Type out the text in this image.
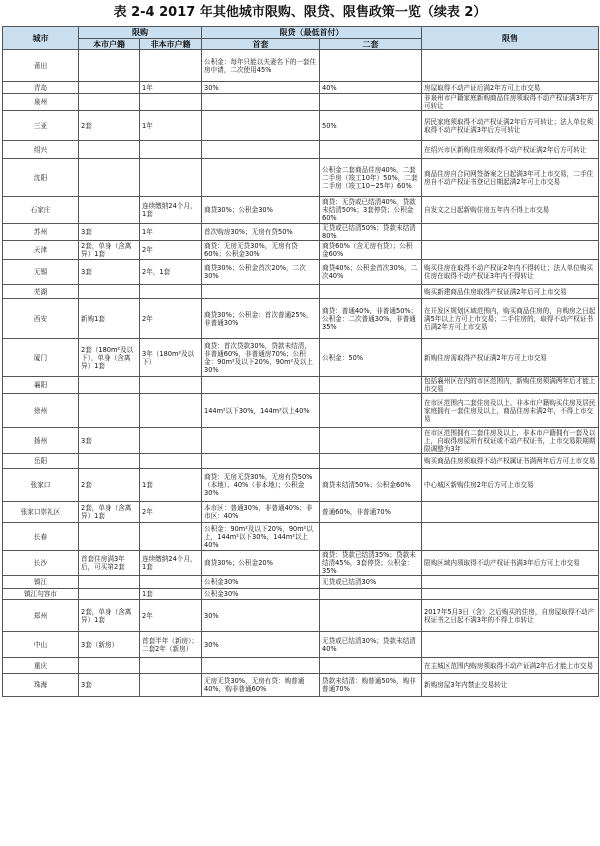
表 2-4 2017 年其他城市限购、限贷、限售政策一览（续表 2）
城市	限购		限贷（最低首付）		限售
	本市户籍	非本市户籍	首套	二套	
莆田			公积金：每年只能以夫妻名下的一套住房申请，二次使用45%		
青岛		1年	30%	40%	房屋取得不动产证后满2年方可上市交易
泉州					非泉州市户籍家庭新购商品住房须取得不动产权证满3年方可转让
三亚	2套	1年		50%	居民家庭须取得不动产权证满2年后方可转让；法人单位须取得不动产权证满3年后方可转让
绍兴					在绍兴市区新购住房须取得不动产权证满2年后方可转让
沈阳				公积金二套商品住房40%，二套二手房（竣工10年）50%，二套二手房（竣工10~25年）60%	商品住房自合同网签备案之日起满3年可上市交易，二手住房自不动产权证书登记日期起满2年可上市交易
石家庄		连续缴纳24个月，1套	商贷30%；公积金30%	商贷：无贷或已结清40%，贷款未结清50%；3套停贷；公积金60%	自发文之日起新购住房五年内不得上市交易
苏州	3套	1年	首次购房30%；无房有贷50%	无贷或已结清50%；贷款未结清80%	
天津	2套，单身（含离异）1套	2年	商贷：无房无贷30%，无房有贷60%；公积金30%	商贷60%（含无房有贷）；公积金60%	
无锡	3套	2年，1套	商贷30%；公积金首次20%，二次30%	商贷40%；公积金首次30%，二次40%	购买住房在取得不动产权证2年内不得转让；法人单位购买住房在取得不动产权证3年内不得转让
芜湖					购买新建商品住房取得产权证满2年后可上市交易
西安	新购1套	2年	商贷30%；公积金：首次普通25%，非普通30%	商贷：普通40%，非普通50%；公积金：二次普通30%，非普通35%	在开发区规划区域范围内，购买商品住房的，自购房之日起满5年以上方可上市交易；二手住房的，取得不动产权证书后满2年方可上市交易
厦门	2套（180m²及以下），单身（含离异）1套	3年（180m²及以下）	商贷：首次贷款30%，贷款未结清，非普通60%，非普通房70%；公积金：90m²及以下20%，90m²及以上30%	公积金：50%	新购住房需取得产权证满2年方可上市交易
襄阳					包括襄州区在内的市区范围内，新购住房须满两年后才能上市交易
徐州			144m²以下30%，144m²以上40%		在市区范围内二套住房及以上、非本市户籍购买住房及居民家庭拥有一套住房及以上，商品住房未满2年，不得上市交易
扬州	3套				在市区范围拥有二套住房及以上、非本市户籍拥有一套及以上，自取得房屋所有权证或不动产权证书，上市交易限期期限调整为3年
岳阳					购买商品住房须取得不动产权属证书满两年后方可上市交易
张家口	2套	1套	商贷：无房无贷30%，无房有贷50%（本地）、40%（非本地）；公积金30%	商贷未结清50%；公积金60%	中心城区新购住房2年后方可上市交易
张家口崇礼区	2套，单身（含离异）1套	2年	本市区：普通30%，非普通40%；非市区：40%	普通60%，非普通70%	
长春			公积金：90m²及以下20%，90m²以上，144m²以下30%，144m²以上40%		
长沙	首套住房满3年后，可买第2套	连续缴纳24个月，1套	商贷30%；公积金20%	商贷：贷款已结清35%；贷款未结清45%，3套停贷；公积金：35%	限购区域内须取得不动产权证书满3年后方可上市交易
镇江			公积金30%	无贷或已结清30%	
镇江句容市		1套	公积金30%		
郑州	2套，单身（含离异）1套	2年	30%		2017年5月3日（含）之后购买的住房，自房屋取得不动产权证书之日起不满3年的不得上市转让
中山	3套（新房）	首套半年（新房）；二套2年（新房）	30%	无贷或已结清30%；贷款未结清40%	
重庆					在主城区范围内购房须取得不动产证满2年后才能上市交易
珠海	3套		无房无贷30%，无房有贷：购普通40%，购非普通60%	贷款未结清：购普通50%，购非普通70%	新购房屋3年内禁止交易转让
